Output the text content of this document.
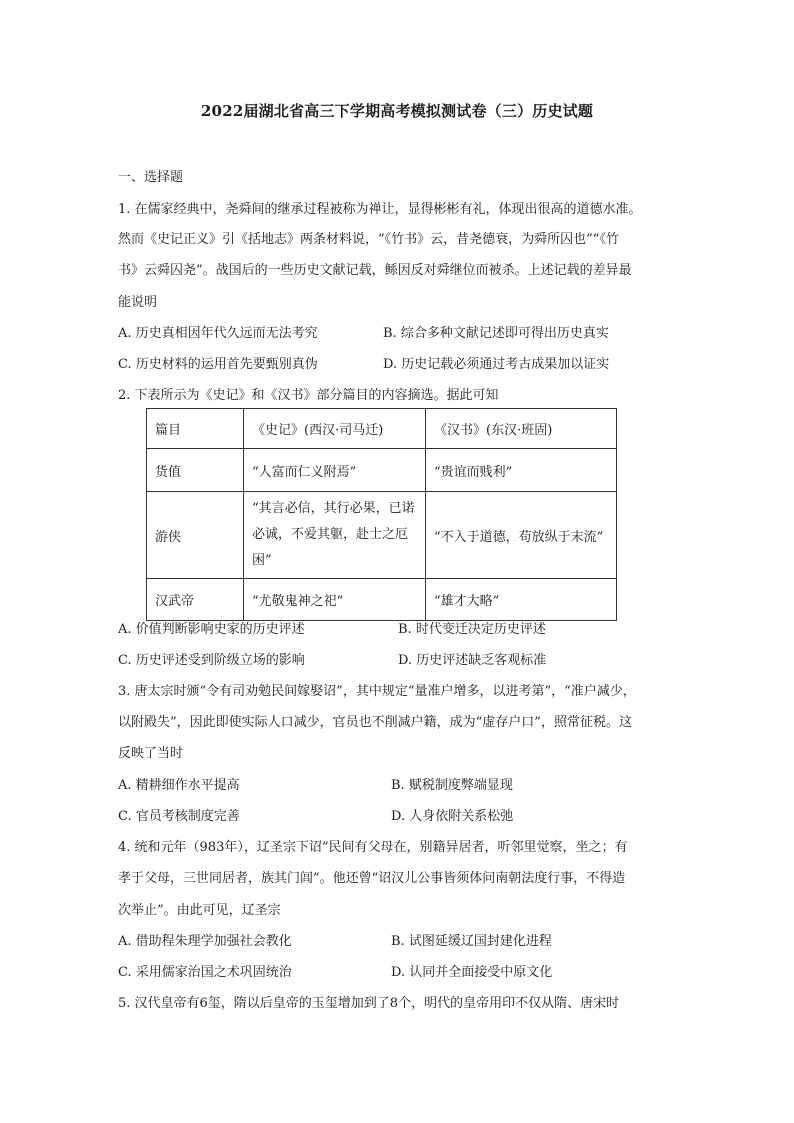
2022届湖北省高三下学期高考模拟测试卷（三）历史试题
一、选择题
1. 在儒家经典中，尧舜间的继承过程被称为禅让，显得彬彬有礼，体现出很高的道德水准。
然而《史记正义》引《括地志》两条材料说，“《竹书》云，昔尧德衰，为舜所囚也”“《竹
书》云舜囚尧”。战国后的一些历史文献记载，鲧因反对舜继位而被杀。上述记载的差异最
能说明
A. 历史真相因年代久远而无法考究	B. 综合多种文献记述即可得出历史真实
C. 历史材料的运用首先要甄别真伪	D. 历史记载必须通过考古成果加以证实
2. 下表所示为《史记》和《汉书》部分篇目的内容摘选。据此可知
篇目	《史记》(西汉·司马迁)	《汉书》(东汉·班固)
货值	“人富而仁义附焉”	“贵谊而贱利”
游侠	“其言必信，其行必果，已诺
必诚，不爱其躯，赴士之厄困”	“不入于道德，苟放纵于末流”
汉武帝	“尤敬鬼神之祀”	“雄才大略”
A. 价值判断影响史家的历史评述	B. 时代变迁决定历史评述
C. 历史评述受到阶级立场的影响	D. 历史评述缺乏客观标准
3. 唐太宗时颁“令有司劝勉民间嫁娶诏”，其中规定“量准户增多，以进考第”，“准户减少，
以附殿失”，因此即使实际人口减少，官员也不削减户籍，成为“虚存户口”，照常征税。这
反映了当时
A. 精耕细作水平提高	B. 赋税制度弊端显现
C. 官员考核制度完善	D. 人身依附关系松弛
4. 统和元年（983年），辽圣宗下诏“民间有父母在，别籍异居者，听邻里觉察，坐之；有
孝于父母，三世同居者，族其门闾”。他还曾“诏汉儿公事皆须体问南朝法度行事，不得造
次举止”。由此可见，辽圣宗
A. 借助程朱理学加强社会教化	B. 试图延缓辽国封建化进程
C. 采用儒家治国之术巩固统治	D. 认同并全面接受中原文化
5. 汉代皇帝有6玺，隋以后皇帝的玉玺增加到了8个，明代的皇帝用印不仅从隋、唐宋时
